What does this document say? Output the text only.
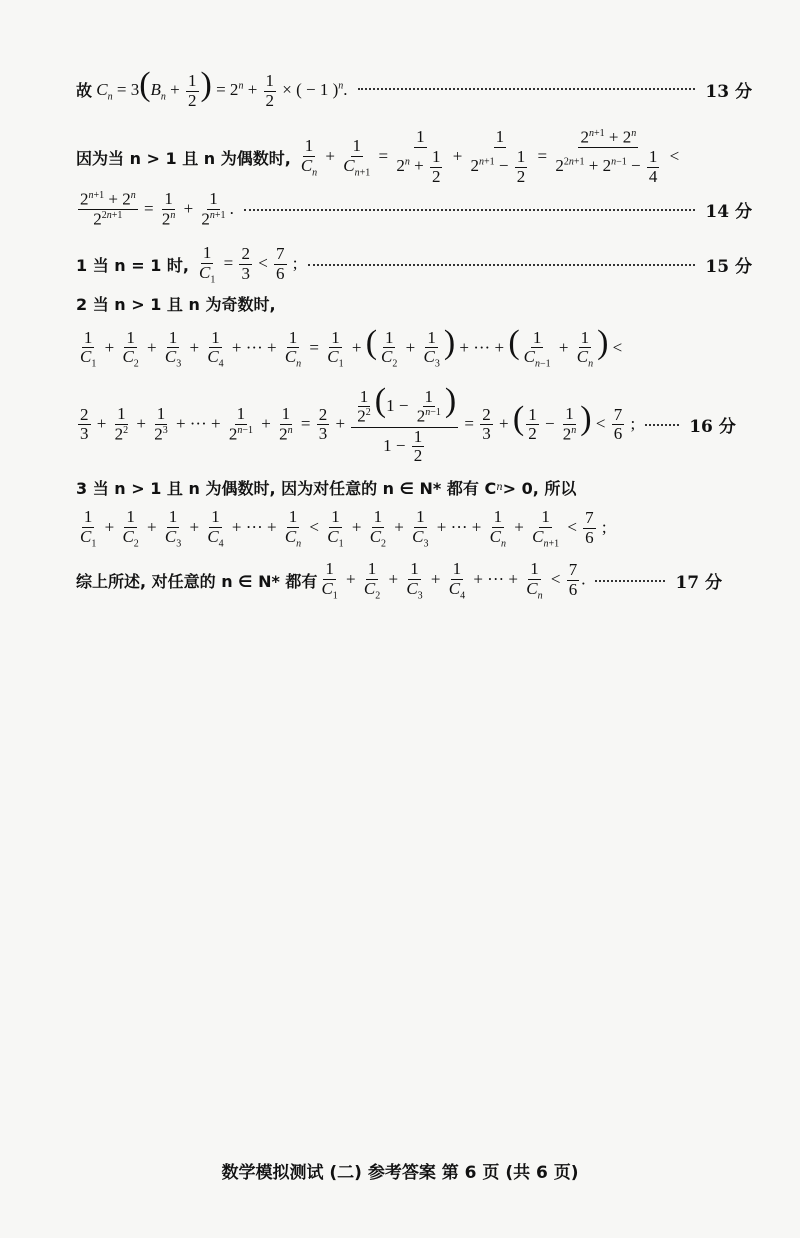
故 $C_n = 3(B_n + \frac{1}{2}$ ) = $2^n + \frac{1}{2}$ × ( − 1 )$^n$.	13 分
因为当 n > 1 且 n 为偶数时, $\frac{1}{C_n} + \frac{1}{C_{n+1}} = \frac{1}{2^n + \frac{1}{2}} + \frac{1}{2^{n+1} - \frac{1}{2}} = \frac{2^{n+1} + 2^n}{2^{2n+1} + 2^{n-1} - \frac{1}{4}}$ <
$\frac{2^{n+1} + 2^n}{2^{2n+1}} = \frac{1}{2^n} + \frac{1}{2^{n+1}}$ .	14 分
1 当 n = 1 时, $\frac{1}{C_1} = \frac{2}{3} < \frac{7}{6}$ ;	15 分
2 当 n > 1 且 n 为奇数时,
$\frac{1}{C_1} + \frac{1}{C_2} + \frac{1}{C_3} + \frac{1}{C_4}$ + ··· + $\frac{1}{C_n} = \frac{1}{C_1}$ + ( $\frac{1}{C_2} + \frac{1}{C_3}$ ) + ··· + ( $\frac{1}{C_{n-1}} + \frac{1}{C_n}$ ) <
$\frac{2}{3} + \frac{1}{2^2} + \frac{1}{2^3}$ + ··· + $\frac{1}{2^{n-1}} + \frac{1}{2^n} = \frac{2}{3} + \frac{\frac{1}{2^2} (1 - \frac{1}{2^{n-1}} )}{1 - \frac{1}{2}} = \frac{2}{3}$ + ( $\frac{1}{2} - \frac{1}{2^n}$ ) < $\frac{7}{6}$ ;	16 分
3 当 n > 1 且 n 为偶数时, 因为对任意的 n ∈ N* 都有 C n > 0, 所以
$\frac{1}{C_1} + \frac{1}{C_2} + \frac{1}{C_3} + \frac{1}{C_4}$ + ··· + $\frac{1}{C_n} < \frac{1}{C_1} + \frac{1}{C_2} + \frac{1}{C_3}$ + ··· + $\frac{1}{C_n} + \frac{1}{C_{n+1}} < \frac{7}{6}$ ;
综上所述, 对任意的 n ∈ N* 都有 $\frac{1}{C_1} + \frac{1}{C_2} + \frac{1}{C_3} + \frac{1}{C_4}$ + ··· + $\frac{1}{C_n} < \frac{7}{6}$ .	17 分
数学模拟测试 (二) 参考答案 第 6 页 (共 6 页)
